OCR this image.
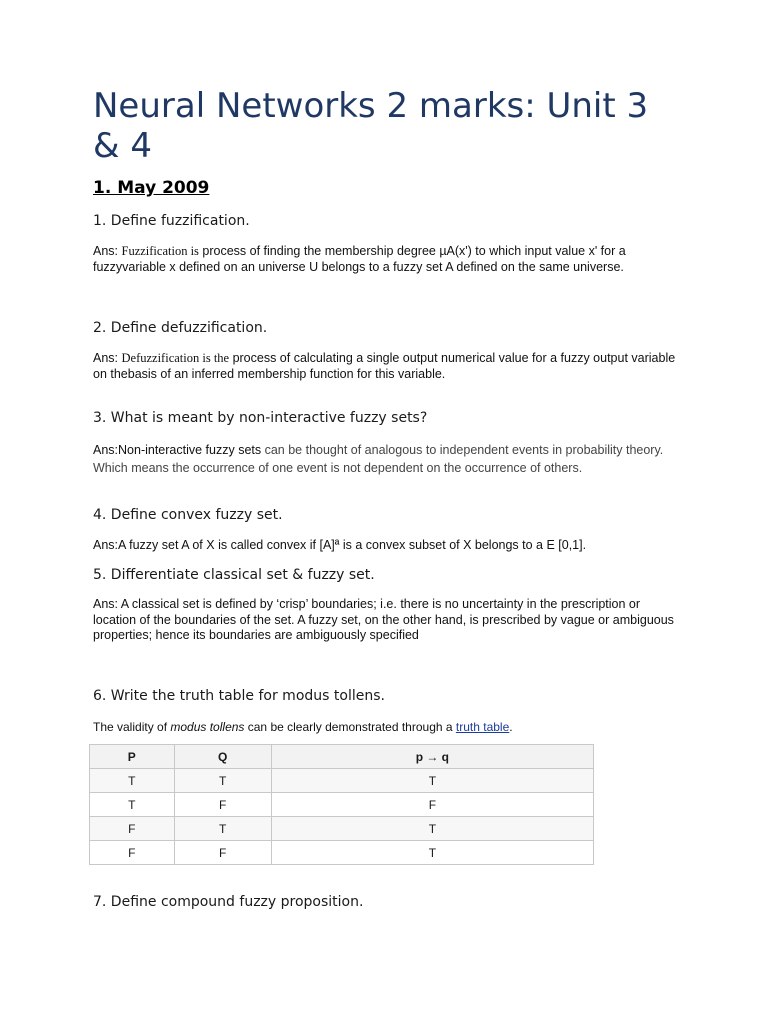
Neural Networks 2 marks: Unit 3 & 4
1. May 2009

1. Define fuzzification.

Ans: Fuzzification is process of finding the membership degree µA(x') to which input value x' for a fuzzyvariable x defined on an universe U belongs to a fuzzy set A defined on the same universe.

2. Define defuzzification.

Ans: Defuzzification is the process of calculating a single output numerical value for a fuzzy output variable on thebasis of an inferred membership function for this variable.

3. What is meant by non-interactive fuzzy sets?

Ans:Non-interactive fuzzy sets can be thought of analogous to independent events in probability theory. Which means the occurrence of one event is not dependent on the occurrence of others.

4. Define convex fuzzy set.

Ans:A fuzzy set A of X is called convex if [A]ª is a convex subset of X belongs to a E [0,1].

5. Differentiate classical set & fuzzy set.

Ans: A classical set is defined by ‘crisp’ boundaries; i.e. there is no uncertainty in the prescription or location of the boundaries of the set. A fuzzy set, on the other hand, is prescribed by vague or ambiguous properties; hence its boundaries are ambiguously specified

6. Write the truth table for modus tollens.

The validity of modus tollens can be clearly demonstrated through a truth table.
P	Q	p → q
T	T	T
T	F	F
F	T	T
F	F	T

7. Define compound fuzzy proposition.
